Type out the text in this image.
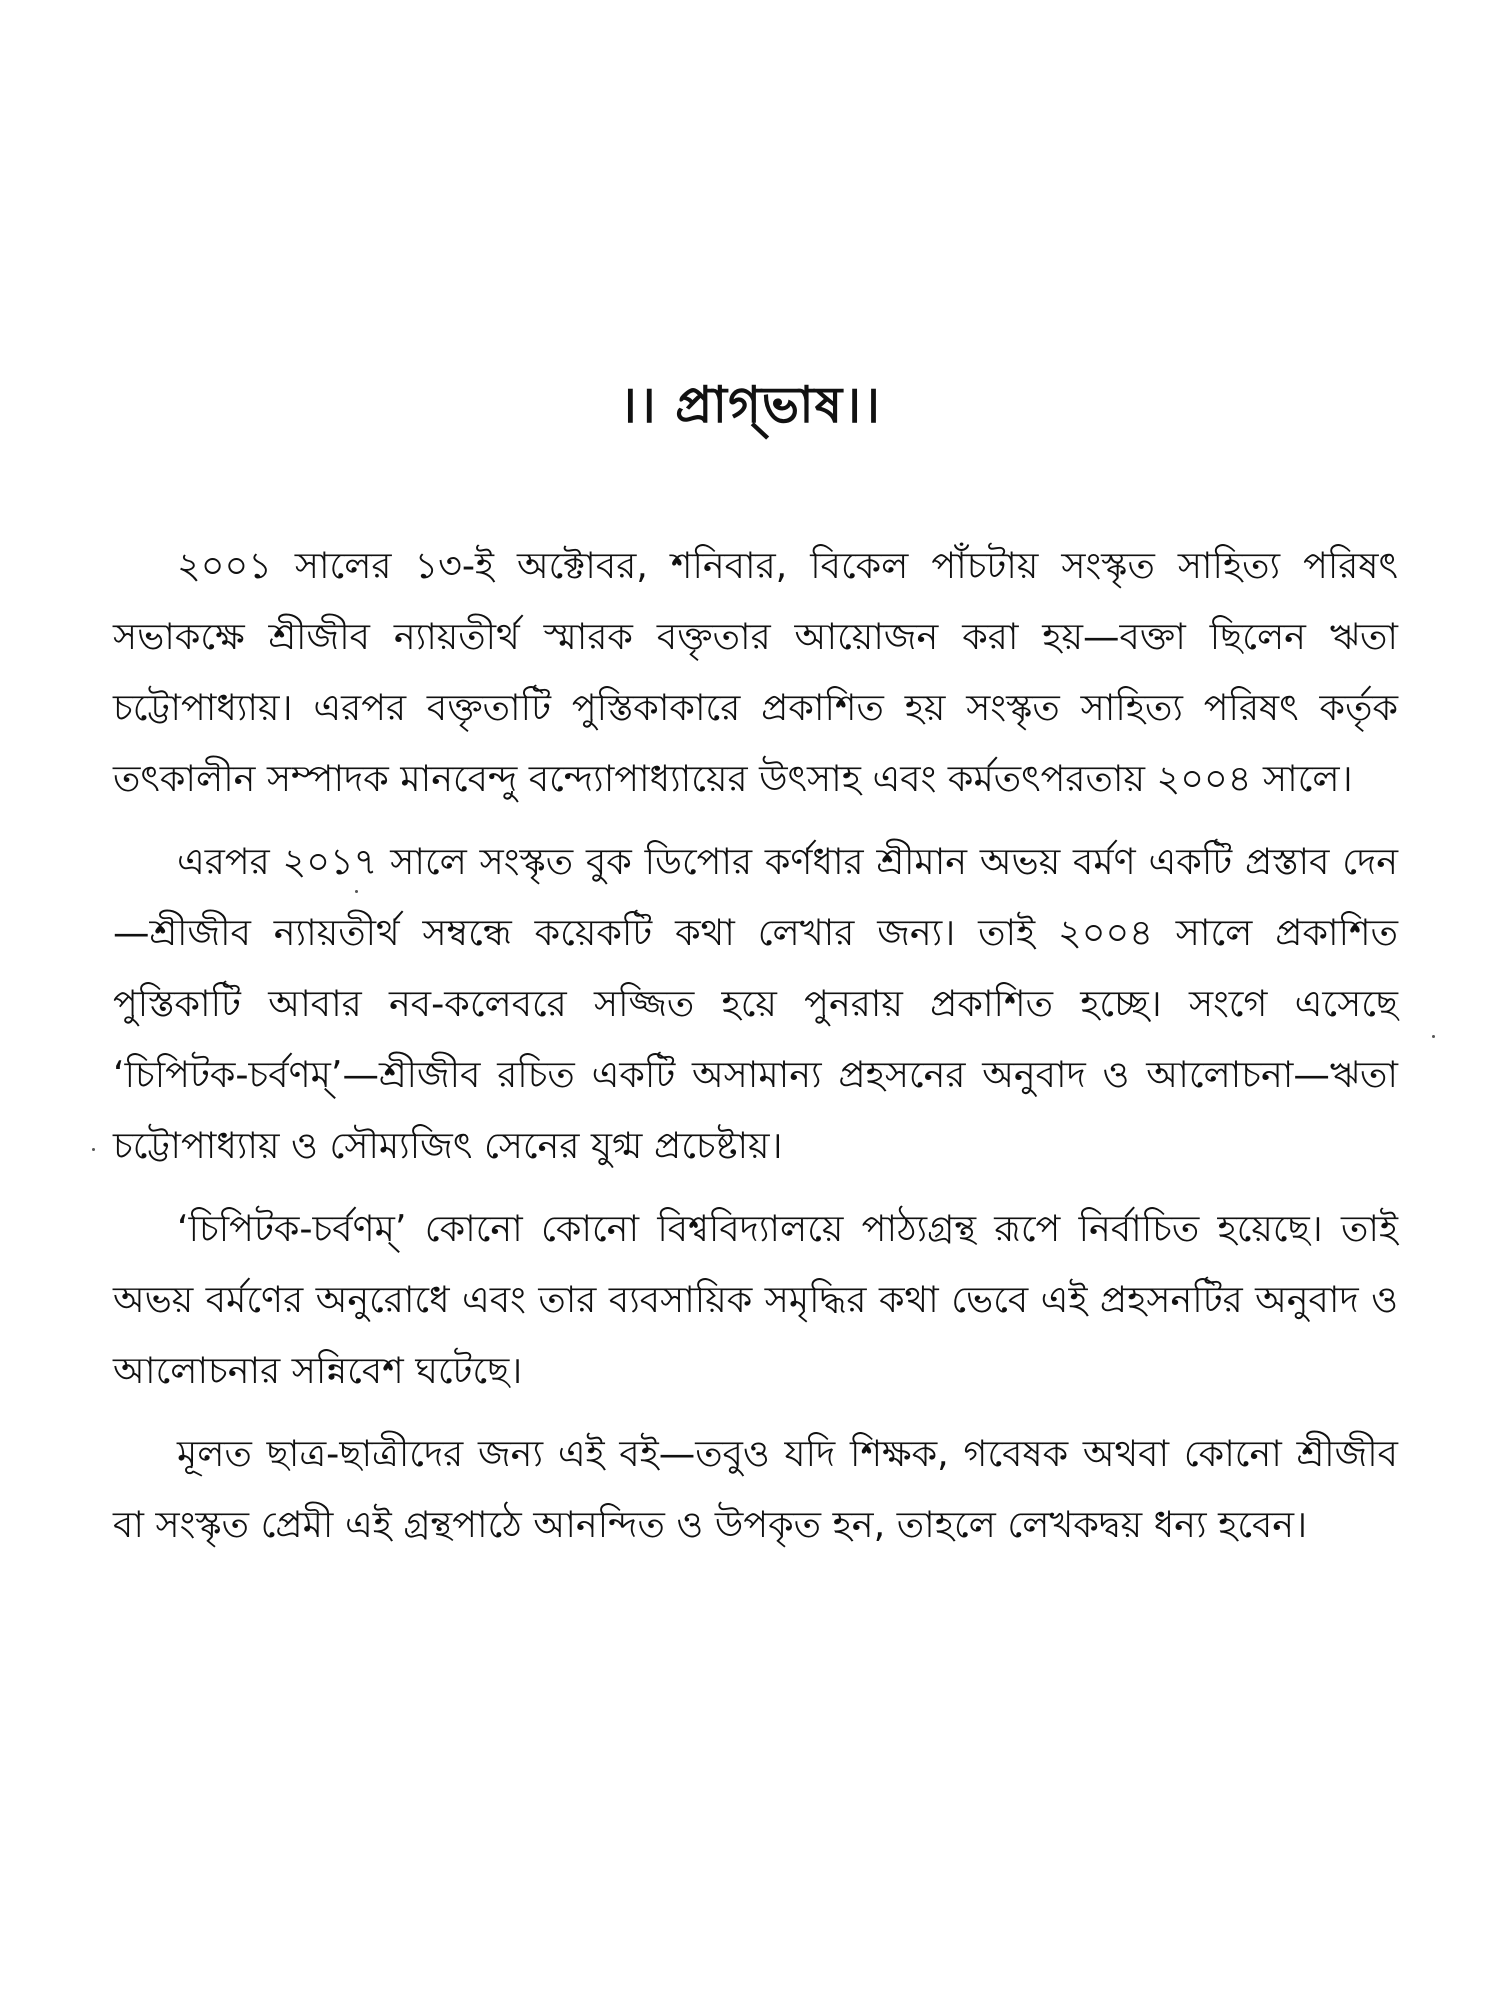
।। প্রাগ্‌ভাষ।।

২০০১ সালের ১৩-ই অক্টোবর, শনিবার, বিকেল পাঁচটায় সংস্কৃত সাহিত্য পরিষৎ সভাকক্ষে শ্রীজীব ন্যায়তীর্থ স্মারক বক্তৃতার আয়োজন করা হয়—বক্তা ছিলেন ঋতা চট্টোপাধ্যায়। এরপর বক্তৃতাটি পুস্তিকাকারে প্রকাশিত হয় সংস্কৃত সাহিত্য পরিষৎ কর্তৃক তৎকালীন সম্পাদক মানবেন্দু বন্দ্যোপাধ্যায়ের উৎসাহ এবং কর্মতৎপরতায় ২০০৪ সালে।

এরপর ২০১৭ সালে সংস্কৃত বুক ডিপোর কর্ণধার শ্রীমান অভয় বর্মণ একটি প্রস্তাব দেন—শ্রীজীব ন্যায়তীর্থ সম্বন্ধে কয়েকটি কথা লেখার জন্য। তাই ২০০৪ সালে প্রকাশিত পুস্তিকাটি আবার নব-কলেবরে সজ্জিত হয়ে পুনরায় প্রকাশিত হচ্ছে। সংগে এসেছে ‘চিপিটক-চর্বণম্’—শ্রীজীব রচিত একটি অসামান্য প্রহসনের অনুবাদ ও আলোচনা—ঋতা চট্টোপাধ্যায় ও সৌম্যজিৎ সেনের যুগ্ম প্রচেষ্টায়।

‘চিপিটক-চর্বণম্’ কোনো কোনো বিশ্ববিদ্যালয়ে পাঠ্যগ্রন্থ রূপে নির্বাচিত হয়েছে। তাই অভয় বর্মণের অনুরোধে এবং তার ব্যবসায়িক সমৃদ্ধির কথা ভেবে এই প্রহসনটির অনুবাদ ও আলোচনার সন্নিবেশ ঘটেছে।

মূলত ছাত্র-ছাত্রীদের জন্য এই বই—তবুও যদি শিক্ষক, গবেষক অথবা কোনো শ্রীজীব বা সংস্কৃত প্রেমী এই গ্রন্থপাঠে আনন্দিত ও উপকৃত হন, তাহলে লেখকদ্বয় ধন্য হবেন।
